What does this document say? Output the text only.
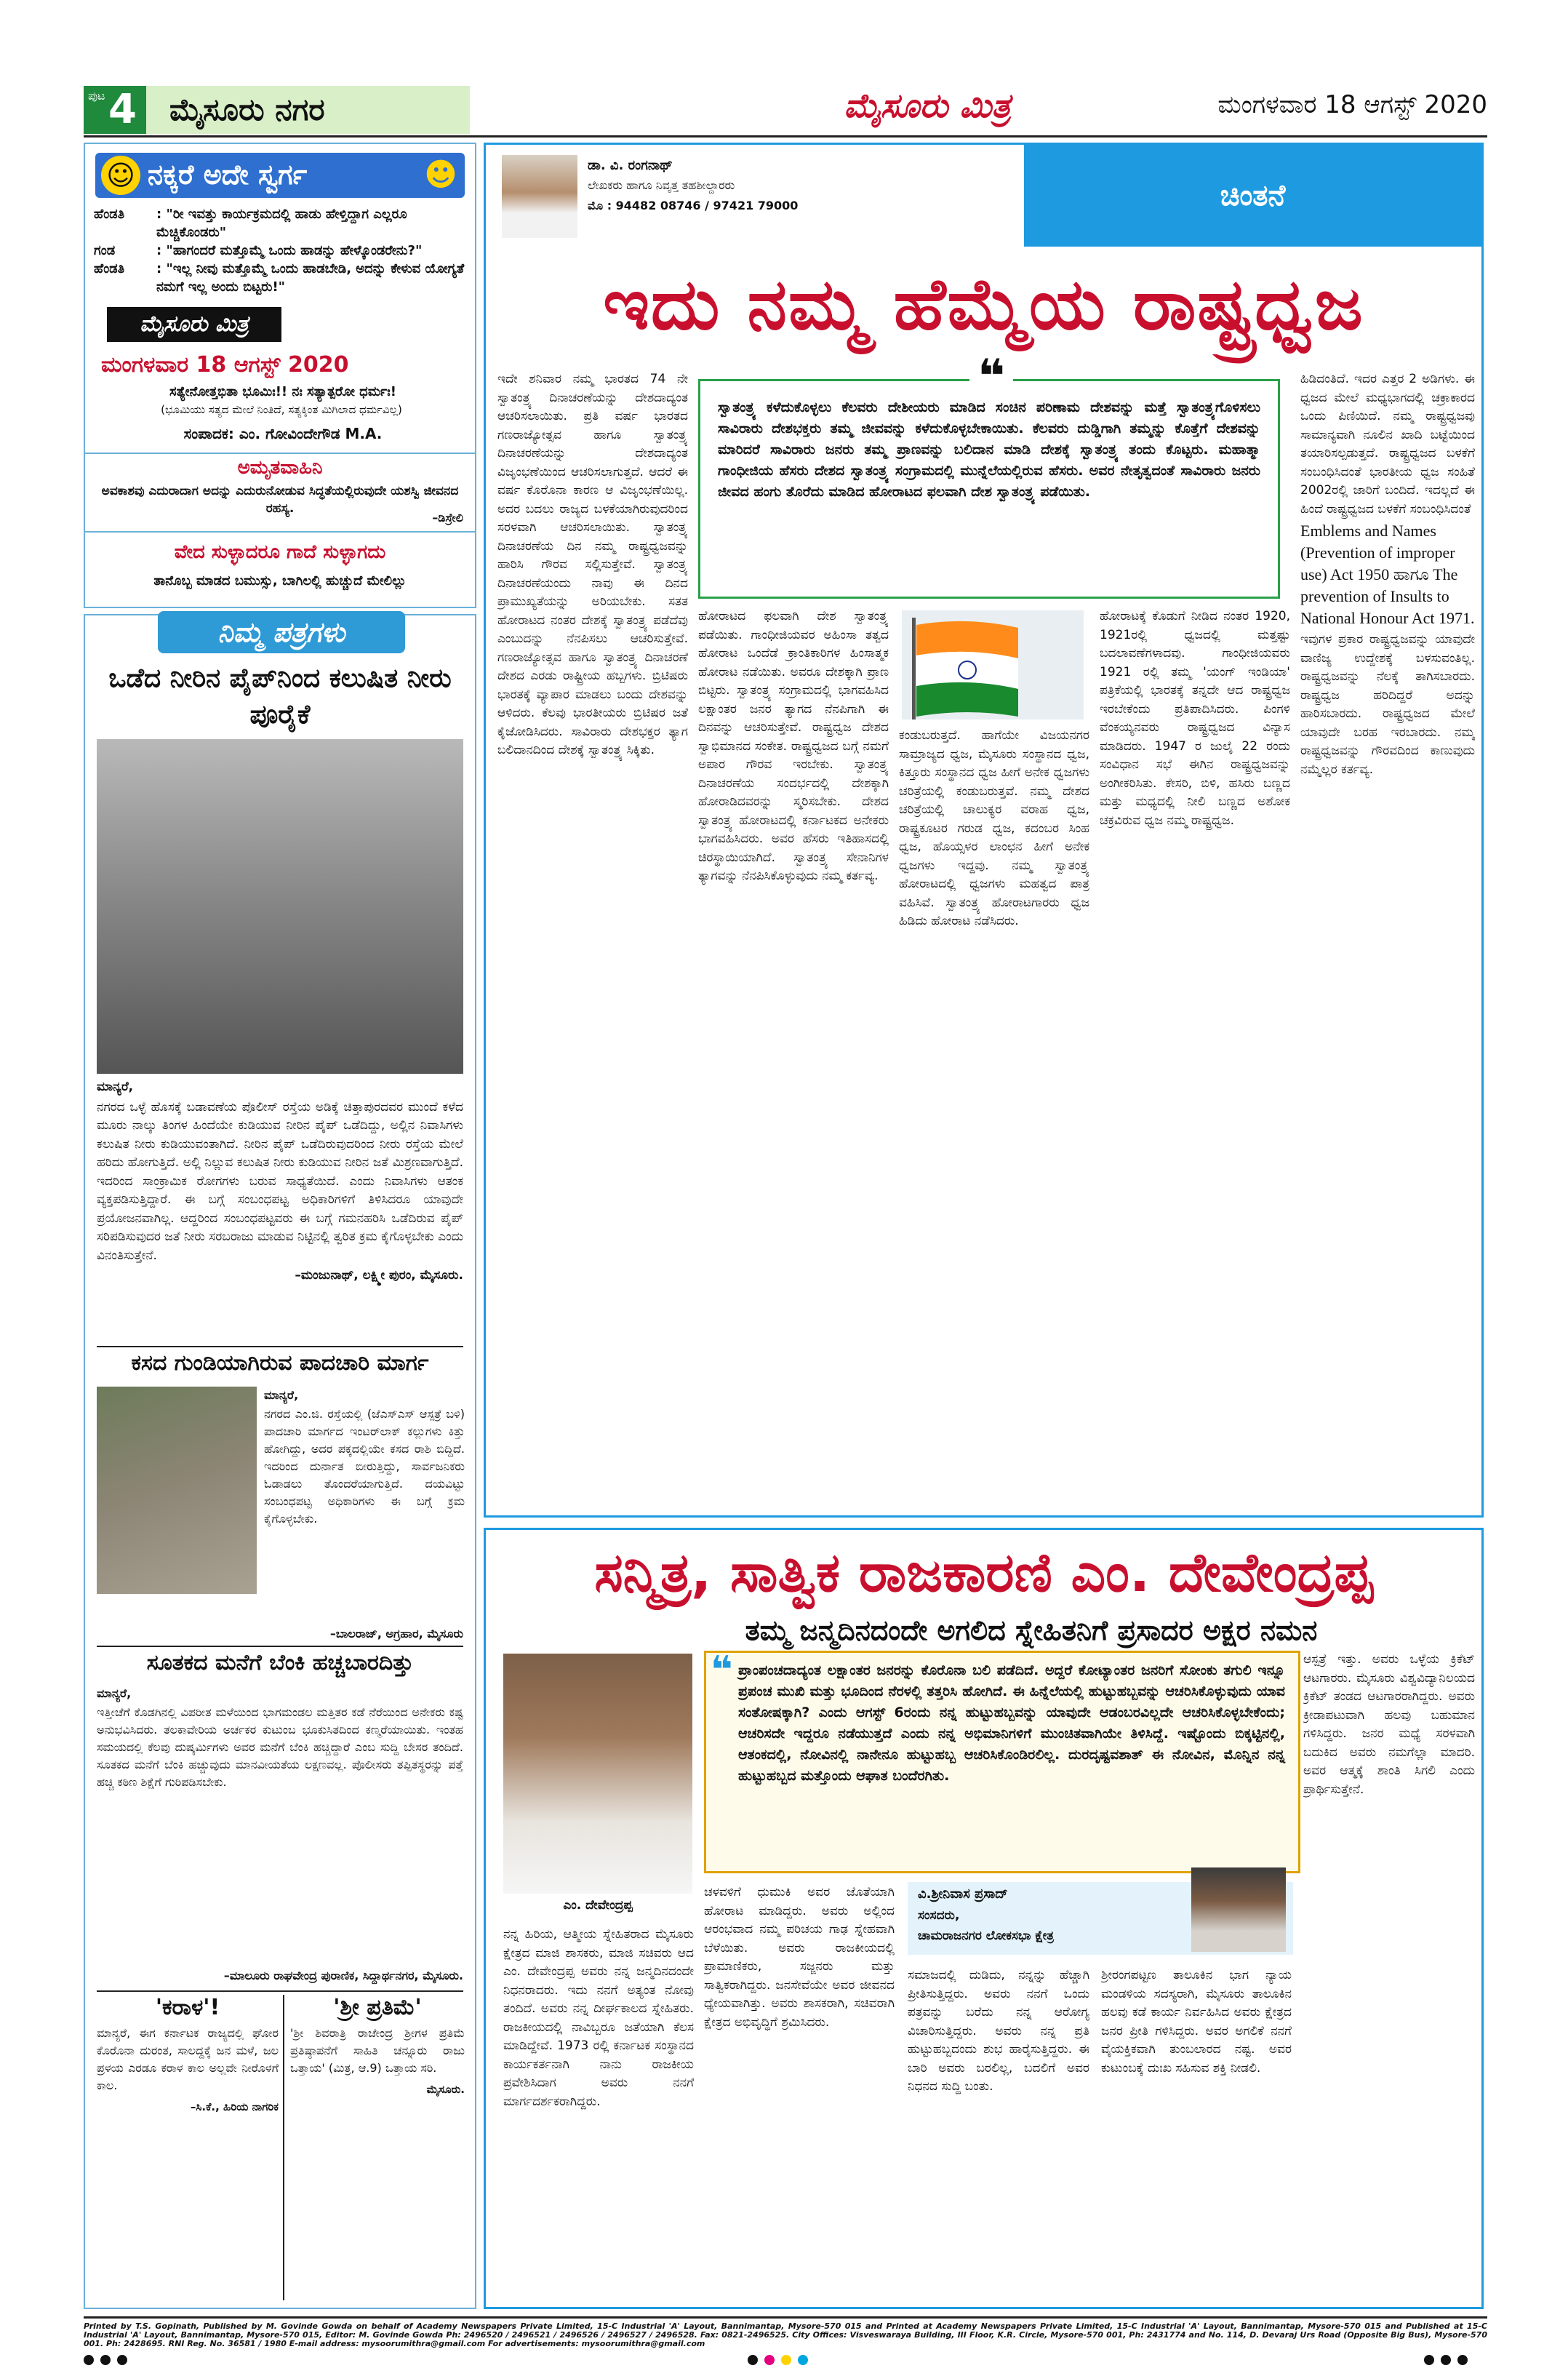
ಪುಟ 4 ಮೈಸೂರು ನಗರ	ಮೈಸೂರು ಮಿತ್ರ	ಮಂಗಳವಾರ 18 ಆಗಸ್ಟ್ 2020
☺ ನಕ್ಕರೆ ಅದೇ ಸ್ವರ್ಗ	☻
ಹೆಂಡತಿ	: "ರೀ ಇವತ್ತು ಕಾರ್ಯಕ್ರಮದಲ್ಲಿ ಹಾಡು ಹೇಳ್ತಿದ್ದಾಗ ಎಲ್ಲರೂ ಮೆಚ್ಚಿಕೊಂಡರು"
ಗಂಡ	: "ಹಾಗಂದರೆ ಮತ್ತೊಮ್ಮೆ ಒಂದು ಹಾಡನ್ನು ಹೇಳ್ಕೊಂಡರೇನು?"
ಹೆಂಡತಿ	: "ಇಲ್ಲ ನೀವು ಮತ್ತೊಮ್ಮೆ ಒಂದು ಹಾಡಬೇಡಿ, ಅದನ್ನು ಕೇಳುವ ಯೋಗ್ಯತೆ ನಮಗೆ ಇಲ್ಲ ಅಂದು ಬಿಟ್ಟರು!"
ಮೈಸೂರು ಮಿತ್ರ
ಮಂಗಳವಾರ 18 ಆಗಸ್ಟ್ 2020
ಸತ್ಯೇನೋತ್ತಭಿತಾ ಭೂಮಿಃ!! ನಃ ಸತ್ಯಾತ್ಪರೋ ಧರ್ಮಃ!
(ಭೂಮಿಯು ಸತ್ಯದ ಮೇಲೆ ನಿಂತಿದೆ, ಸತ್ಯಕ್ಕಿಂತ ಮಿಗಿಲಾದ ಧರ್ಮವಿಲ್ಲ)
ಸಂಪಾದಕ: ಎಂ. ಗೋವಿಂದೇಗೌಡ M.A.
ಅಮೃತವಾಹಿನಿ
ಅವಕಾಶವು ಎದುರಾದಾಗ ಅದನ್ನು ಎದುರುನೋಡುವ ಸಿದ್ಧತೆಯಲ್ಲಿರುವುದೇ ಯಶಸ್ವಿ ಜೀವನದ ರಹಸ್ಯ.
–ಡಿಸ್ರೇಲಿ
ವೇದ ಸುಳ್ಳಾದರೂ ಗಾದೆ ಸುಳ್ಳಾಗದು
ತಾನೊಬ್ಬ ಮಾಡದ ಬಮುಸ್ಸು, ಬಾಗಿಲಲ್ಲಿ ಹುಚ್ಚುದೆ ಮೇಲಿಲ್ಲು
ನಿಮ್ಮ ಪತ್ರಗಳು
ಒಡೆದ ನೀರಿನ ಪೈಪ್‌ನಿಂದ ಕಲುಷಿತ ನೀರು ಪೂರೈಕೆ

ಮಾನ್ಯರೆ,

ನಗರದ ಒಳ್ಳೆ ಹೊಸಕ್ಕೆ ಬಡಾವಣೆಯ ಪೊಲೀಸ್ ರಸ್ತೆಯ ಅಡಿಕ್ಕೆ ಚಿತ್ತಾಪುರದವರ ಮುಂದೆ ಕಳೆದ ಮೂರು ನಾಲ್ಕು ತಿಂಗಳ ಹಿಂದೆಯೇ ಕುಡಿಯುವ ನೀರಿನ ಪೈಪ್ ಒಡೆದಿದ್ದು, ಅಲ್ಲಿನ ನಿವಾಸಿಗಳು ಕಲುಷಿತ ನೀರು ಕುಡಿಯುವಂತಾಗಿದೆ. ನೀರಿನ ಪೈಪ್ ಒಡೆದಿರುವುದರಿಂದ ನೀರು ರಸ್ತೆಯ ಮೇಲೆ ಹರಿದು ಹೋಗುತ್ತಿದೆ. ಅಲ್ಲಿ ನಿಲ್ಲುವ ಕಲುಷಿತ ನೀರು ಕುಡಿಯುವ ನೀರಿನ ಜತೆ ಮಿಶ್ರಣವಾಗುತ್ತಿದೆ. ಇದರಿಂದ ಸಾಂಕ್ರಾಮಿಕ ರೋಗಗಳು ಬರುವ ಸಾಧ್ಯತೆಯಿದೆ. ಎಂದು ನಿವಾಸಿಗಳು ಆತಂಕ ವ್ಯಕ್ತಪಡಿಸುತ್ತಿದ್ದಾರೆ. ಈ ಬಗ್ಗೆ ಸಂಬಂಧಪಟ್ಟ ಅಧಿಕಾರಿಗಳಿಗೆ ತಿಳಿಸಿದರೂ ಯಾವುದೇ ಪ್ರಯೋಜನವಾಗಿಲ್ಲ. ಆದ್ದರಿಂದ ಸಂಬಂಧಪಟ್ಟವರು ಈ ಬಗ್ಗೆ ಗಮನಹರಿಸಿ ಒಡೆದಿರುವ ಪೈಪ್ ಸರಿಪಡಿಸುವುದರ ಜತೆ ನೀರು ಸರಬರಾಜು ಮಾಡುವ ನಿಟ್ಟಿನಲ್ಲಿ ತ್ವರಿತ ಕ್ರಮ ಕೈಗೊಳ್ಳಬೇಕು ಎಂದು ವಿನಂತಿಸುತ್ತೇನೆ.

–ಮಂಜುನಾಥ್, ಲಕ್ಷ್ಮೀ ಪುರಂ, ಮೈಸೂರು.

ಕಸದ ಗುಂಡಿಯಾಗಿರುವ ಪಾದಚಾರಿ ಮಾರ್ಗ

ಮಾನ್ಯರೆ,

ನಗರದ ಎಂ.ಜಿ. ರಸ್ತೆಯಲ್ಲಿ (ಜೆಎಸ್‌ಎಸ್ ಆಸ್ಪತ್ರೆ ಬಳಿ) ಪಾದಚಾರಿ ಮಾರ್ಗದ ಇಂಟರ್‌ಲಾಕ್ ಕಲ್ಲುಗಳು ಕಿತ್ತು ಹೋಗಿದ್ದು, ಅದರ ಪಕ್ಕದಲ್ಲಿಯೇ ಕಸದ ರಾಶಿ ಬಿದ್ದಿದೆ. ಇದರಿಂದ ದುರ್ನಾತ ಬೀರುತ್ತಿದ್ದು, ಸಾರ್ವಜನಿಕರು ಓಡಾಡಲು ತೊಂದರೆಯಾಗುತ್ತಿದೆ. ದಯವಿಟ್ಟು ಸಂಬಂಧಪಟ್ಟ ಅಧಿಕಾರಿಗಳು ಈ ಬಗ್ಗೆ ಕ್ರಮ ಕೈಗೊಳ್ಳಬೇಕು.

–ಬಾಲರಾಜ್, ಅಗ್ರಹಾರ, ಮೈಸೂರು
ಸೂತಕದ ಮನೆಗೆ ಬೆಂಕಿ ಹಚ್ಚಬಾರದಿತ್ತು

ಮಾನ್ಯರೆ,

ಇತ್ತೀಚೆಗೆ ಕೊಡಗಿನಲ್ಲಿ ವಿಪರೀತ ಮಳೆಯಿಂದ ಭಾಗಮಂಡಲ ಮತ್ತಿತರ ಕಡೆ ನೆರೆಯಿಂದ ಅನೇಕರು ಕಷ್ಟ ಅನುಭವಿಸಿದರು. ತಲಕಾವೇರಿಯ ಅರ್ಚಕರ ಕುಟುಂಬ ಭೂಕುಸಿತದಿಂದ ಕಣ್ಮರೆಯಾಯಿತು. ಇಂತಹ ಸಮಯದಲ್ಲಿ ಕೆಲವು ದುಷ್ಕರ್ಮಿಗಳು ಅವರ ಮನೆಗೆ ಬೆಂಕಿ ಹಚ್ಚಿದ್ದಾರೆ ಎಂಬ ಸುದ್ದಿ ಬೇಸರ ತಂದಿದೆ. ಸೂತಕದ ಮನೆಗೆ ಬೆಂಕಿ ಹಚ್ಚುವುದು ಮಾನವೀಯತೆಯ ಲಕ್ಷಣವಲ್ಲ. ಪೊಲೀಸರು ತಪ್ಪಿತಸ್ಥರನ್ನು ಪತ್ತೆ ಹಚ್ಚಿ ಕಠಿಣ ಶಿಕ್ಷೆಗೆ ಗುರಿಪಡಿಸಬೇಕು.

–ಮಾಲೂರು ರಾಘವೇಂದ್ರ ಪುರಾಣಿಕ, ಸಿದ್ದಾರ್ಥನಗರ, ಮೈಸೂರು.
'ಕರಾಳ'!
ಮಾನ್ಯರೆ, ಈಗ ಕರ್ನಾಟಕ ರಾಜ್ಯದಲ್ಲಿ ಘೋರ ಕೊರೊನಾ ದುರಂತ, ಸಾಲದ್ದಕ್ಕೆ ಜನ ಮಳೆ, ಜಲ ಪ್ರಳಯ ಎರಡೂ ಕರಾಳ ಕಾಲ ಅಲ್ಲವೇ ನೀರೊಳಗೆ ಕಾಲ.
–ಸಿ.ಕೆ., ಹಿರಿಯ ನಾಗರಿಕ
'ಶ್ರೀ ಪ್ರತಿಮೆ'
'ಶ್ರೀ ಶಿವರಾತ್ರಿ ರಾಜೇಂದ್ರ ಶ್ರೀಗಳ ಪ್ರತಿಮೆ ಪ್ರತಿಷ್ಠಾಪನೆಗೆ ಸಾಹಿತಿ ಚನ್ನೂರು ರಾಜು ಒತ್ತಾಯ' (ಮಿತ್ರ, ಆ.9) ಒತ್ತಾಯ ಸರಿ.
ಮೈಸೂರು.
ಡಾ. ವಿ. ರಂಗನಾಥ್
ಲೇಖಕರು ಹಾಗೂ ನಿವೃತ್ತ ತಹಶೀಲ್ದಾರರು
ಮೊ : 94482 08746 / 97421 79000	ಚಿಂತನೆ
ಇದು ನಮ್ಮ ಹೆಮ್ಮೆಯ ರಾಷ್ಟ್ರಧ್ವಜ
❝
ಸ್ವಾತಂತ್ರ್ಯ ಕಳೆದುಕೊಳ್ಳಲು ಕೆಲವರು ದೇಶೀಯರು ಮಾಡಿದ ಸಂಚಿನ ಪರಿಣಾಮ ದೇಶವನ್ನು ಮತ್ತೆ ಸ್ವಾತಂತ್ರ್ಯಗೊಳಿಸಲು ಸಾವಿರಾರು ದೇಶಭಕ್ತರು ತಮ್ಮ ಜೀವವನ್ನು ಕಳೆದುಕೊಳ್ಳಬೇಕಾಯಿತು. ಕೆಲವರು ದುಡ್ಡಿಗಾಗಿ ತಮ್ಮನ್ನು ಕೊತ್ತೆಗೆ ದೇಶವನ್ನು ಮಾರಿದರೆ ಸಾವಿರಾರು ಜನರು ತಮ್ಮ ಪ್ರಾಣವನ್ನು ಬಲಿದಾನ ಮಾಡಿ ದೇಶಕ್ಕೆ ಸ್ವಾತಂತ್ರ್ಯ ತಂದು ಕೊಟ್ಟರು. ಮಹಾತ್ಮಾ ಗಾಂಧೀಜಿಯ ಹೆಸರು ದೇಶದ ಸ್ವಾತಂತ್ರ್ಯ ಸಂಗ್ರಾಮದಲ್ಲಿ ಮುನ್ನೆಲೆಯಲ್ಲಿರುವ ಹೆಸರು. ಅವರ ನೇತೃತ್ವದಂತೆ ಸಾವಿರಾರು ಜನರು ಜೀವದ ಹಂಗು ತೊರೆದು ಮಾಡಿದ ಹೋರಾಟದ ಫಲವಾಗಿ ದೇಶ ಸ್ವಾತಂತ್ರ್ಯ ಪಡೆಯಿತು.

ಇದೇ ಶನಿವಾರ ನಮ್ಮ ಭಾರತದ 74 ನೇ ಸ್ವಾತಂತ್ರ್ಯ ದಿನಾಚರಣೆಯನ್ನು ದೇಶದಾದ್ಯಂತ ಆಚರಿಸಲಾಯಿತು. ಪ್ರತಿ ವರ್ಷ ಭಾರತದ ಗಣರಾಜ್ಯೋತ್ಸವ ಹಾಗೂ ಸ್ವಾತಂತ್ರ್ಯ ದಿನಾಚರಣೆಯನ್ನು ದೇಶದಾದ್ಯಂತ ವಿಜೃಂಭಣೆಯಿಂದ ಆಚರಿಸಲಾಗುತ್ತದೆ. ಆದರೆ ಈ ವರ್ಷ ಕೊರೊನಾ ಕಾರಣ ಆ ವಿಜೃಂಭಣೆಯಿಲ್ಲ. ಅದರ ಬದಲು ರಾಜ್ಯದ ಬಳಕೆಯಾಗಿರುವುದರಿಂದ ಸರಳವಾಗಿ ಆಚರಿಸಲಾಯಿತು. ಸ್ವಾತಂತ್ರ್ಯ ದಿನಾಚರಣೆಯ ದಿನ ನಮ್ಮ ರಾಷ್ಟ್ರಧ್ವಜವನ್ನು ಹಾರಿಸಿ ಗೌರವ ಸಲ್ಲಿಸುತ್ತೇವೆ. ಸ್ವಾತಂತ್ರ್ಯ ದಿನಾಚರಣೆಯಂದು ನಾವು ಈ ದಿನದ ಪ್ರಾಮುಖ್ಯತೆಯನ್ನು ಅರಿಯಬೇಕು. ಸತತ ಹೋರಾಟದ ನಂತರ ದೇಶಕ್ಕೆ ಸ್ವಾತಂತ್ರ್ಯ ಪಡೆದೆವು ಎಂಬುದನ್ನು ನೆನಪಿಸಲು ಆಚರಿಸುತ್ತೇವೆ. ಗಣರಾಜ್ಯೋತ್ಸವ ಹಾಗೂ ಸ್ವಾತಂತ್ರ್ಯ ದಿನಾಚರಣೆ ದೇಶದ ಎರಡು ರಾಷ್ಟ್ರೀಯ ಹಬ್ಬಗಳು. ಬ್ರಿಟಿಷರು ಭಾರತಕ್ಕೆ ವ್ಯಾಪಾರ ಮಾಡಲು ಬಂದು ದೇಶವನ್ನು ಆಳಿದರು. ಕೆಲವು ಭಾರತೀಯರು ಬ್ರಿಟಿಷರ ಜತೆ ಕೈಜೋಡಿಸಿದರು. ಸಾವಿರಾರು ದೇಶಭಕ್ತರ ತ್ಯಾಗ ಬಲಿದಾನದಿಂದ ದೇಶಕ್ಕೆ ಸ್ವಾತಂತ್ರ್ಯ ಸಿಕ್ಕಿತು.

ಹೋರಾಟದ ಫಲವಾಗಿ ದೇಶ ಸ್ವಾತಂತ್ರ್ಯ ಪಡೆಯಿತು. ಗಾಂಧೀಜಿಯವರ ಅಹಿಂಸಾ ತತ್ವದ ಹೋರಾಟ ಒಂದೆಡೆ ಕ್ರಾಂತಿಕಾರಿಗಳ ಹಿಂಸಾತ್ಮಕ ಹೋರಾಟ ನಡೆಯಿತು. ಅವರೂ ದೇಶಕ್ಕಾಗಿ ಪ್ರಾಣ ಬಿಟ್ಟರು. ಸ್ವಾತಂತ್ರ್ಯ ಸಂಗ್ರಾಮದಲ್ಲಿ ಭಾಗವಹಿಸಿದ ಲಕ್ಷಾಂತರ ಜನರ ತ್ಯಾಗದ ನೆನಪಿಗಾಗಿ ಈ ದಿನವನ್ನು ಆಚರಿಸುತ್ತೇವೆ. ರಾಷ್ಟ್ರಧ್ವಜ ದೇಶದ ಸ್ವಾಭಿಮಾನದ ಸಂಕೇತ. ರಾಷ್ಟ್ರಧ್ವಜದ ಬಗ್ಗೆ ನಮಗೆ ಅಪಾರ ಗೌರವ ಇರಬೇಕು. ಸ್ವಾತಂತ್ರ್ಯ ದಿನಾಚರಣೆಯ ಸಂದರ್ಭದಲ್ಲಿ ದೇಶಕ್ಕಾಗಿ ಹೋರಾಡಿದವರನ್ನು ಸ್ಮರಿಸಬೇಕು. ದೇಶದ ಸ್ವಾತಂತ್ರ್ಯ ಹೋರಾಟದಲ್ಲಿ ಕರ್ನಾಟಕದ ಅನೇಕರು ಭಾಗವಹಿಸಿದರು. ಅವರ ಹೆಸರು ಇತಿಹಾಸದಲ್ಲಿ ಚಿರಸ್ಥಾಯಿಯಾಗಿದೆ. ಸ್ವಾತಂತ್ರ್ಯ ಸೇನಾನಿಗಳ ತ್ಯಾಗವನ್ನು ನೆನಪಿಸಿಕೊಳ್ಳುವುದು ನಮ್ಮ ಕರ್ತವ್ಯ.

ಕಂಡುಬರುತ್ತದೆ. ಹಾಗೆಯೇ ವಿಜಯನಗರ ಸಾಮ್ರಾಜ್ಯದ ಧ್ವಜ, ಮೈಸೂರು ಸಂಸ್ಥಾನದ ಧ್ವಜ, ಕಿತ್ತೂರು ಸಂಸ್ಥಾನದ ಧ್ವಜ ಹೀಗೆ ಅನೇಕ ಧ್ವಜಗಳು ಚರಿತ್ರೆಯಲ್ಲಿ ಕಂಡುಬರುತ್ತವೆ. ನಮ್ಮ ದೇಶದ ಚರಿತ್ರೆಯಲ್ಲಿ ಚಾಲುಕ್ಯರ ವರಾಹ ಧ್ವಜ, ರಾಷ್ಟ್ರಕೂಟರ ಗರುಡ ಧ್ವಜ, ಕದಂಬರ ಸಿಂಹ ಧ್ವಜ, ಹೊಯ್ಸಳರ ಲಾಂಛನ ಹೀಗೆ ಅನೇಕ ಧ್ವಜಗಳು ಇದ್ದವು. ನಮ್ಮ ಸ್ವಾತಂತ್ರ್ಯ ಹೋರಾಟದಲ್ಲಿ ಧ್ವಜಗಳು ಮಹತ್ವದ ಪಾತ್ರ ವಹಿಸಿವೆ. ಸ್ವಾತಂತ್ರ್ಯ ಹೋರಾಟಗಾರರು ಧ್ವಜ ಹಿಡಿದು ಹೋರಾಟ ನಡೆಸಿದರು.

ಹೋರಾಟಕ್ಕೆ ಕೊಡುಗೆ ನೀಡಿದ ನಂತರ 1920, 1921ರಲ್ಲಿ ಧ್ವಜದಲ್ಲಿ ಮತ್ತಷ್ಟು ಬದಲಾವಣೆಗಳಾದವು. ಗಾಂಧೀಜಿಯವರು 1921 ರಲ್ಲಿ ತಮ್ಮ 'ಯಂಗ್ ಇಂಡಿಯಾ' ಪತ್ರಿಕೆಯಲ್ಲಿ ಭಾರತಕ್ಕೆ ತನ್ನದೇ ಆದ ರಾಷ್ಟ್ರಧ್ವಜ ಇರಬೇಕೆಂದು ಪ್ರತಿಪಾದಿಸಿದರು. ಪಿಂಗಳಿ ವೆಂಕಯ್ಯನವರು ರಾಷ್ಟ್ರಧ್ವಜದ ವಿನ್ಯಾಸ ಮಾಡಿದರು. 1947 ರ ಜುಲೈ 22 ರಂದು ಸಂವಿಧಾನ ಸಭೆ ಈಗಿನ ರಾಷ್ಟ್ರಧ್ವಜವನ್ನು ಅಂಗೀಕರಿಸಿತು. ಕೇಸರಿ, ಬಿಳಿ, ಹಸಿರು ಬಣ್ಣದ ಮತ್ತು ಮಧ್ಯದಲ್ಲಿ ನೀಲಿ ಬಣ್ಣದ ಅಶೋಕ ಚಕ್ರವಿರುವ ಧ್ವಜ ನಮ್ಮ ರಾಷ್ಟ್ರಧ್ವಜ.

ಹಿಡಿದಂತಿದೆ. ಇದರ ಎತ್ತರ 2 ಅಡಿಗಳು. ಈ ಧ್ವಜದ ಮೇಲೆ ಮಧ್ಯಭಾಗದಲ್ಲಿ ಚಕ್ರಾಕಾರದ ಒಂದು ಪಿಣಿಯಿದೆ. ನಮ್ಮ ರಾಷ್ಟ್ರಧ್ವಜವು ಸಾಮಾನ್ಯವಾಗಿ ನೂಲಿನ ಖಾದಿ ಬಟ್ಟೆಯಿಂದ ತಯಾರಿಸಲ್ಪಡುತ್ತದೆ. ರಾಷ್ಟ್ರಧ್ವಜದ ಬಳಕೆಗೆ ಸಂಬಂಧಿಸಿದಂತೆ ಭಾರತೀಯ ಧ್ವಜ ಸಂಹಿತೆ 2002ರಲ್ಲಿ ಜಾರಿಗೆ ಬಂದಿದೆ. ಇದಲ್ಲದೆ ಈ ಹಿಂದೆ ರಾಷ್ಟ್ರಧ್ವಜದ ಬಳಕೆಗೆ ಸಂಬಂಧಿಸಿದಂತೆ

Emblems and Names (Prevention of improper use) Act 1950 ಹಾಗೂ The prevention of Insults to National Honour Act 1971.

ಇವುಗಳ ಪ್ರಕಾರ ರಾಷ್ಟ್ರಧ್ವಜವನ್ನು ಯಾವುದೇ ವಾಣಿಜ್ಯ ಉದ್ದೇಶಕ್ಕೆ ಬಳಸುವಂತಿಲ್ಲ. ರಾಷ್ಟ್ರಧ್ವಜವನ್ನು ನೆಲಕ್ಕೆ ತಾಗಿಸಬಾರದು. ರಾಷ್ಟ್ರಧ್ವಜ ಹರಿದಿದ್ದರೆ ಅದನ್ನು ಹಾರಿಸಬಾರದು. ರಾಷ್ಟ್ರಧ್ವಜದ ಮೇಲೆ ಯಾವುದೇ ಬರಹ ಇರಬಾರದು. ನಮ್ಮ ರಾಷ್ಟ್ರಧ್ವಜವನ್ನು ಗೌರವದಿಂದ ಕಾಣುವುದು ನಮ್ಮೆಲ್ಲರ ಕರ್ತವ್ಯ.

ಸನ್ಮಿತ್ರ, ಸಾತ್ವಿಕ ರಾಜಕಾರಣಿ ಎಂ. ದೇವೇಂದ್ರಪ್ಪ
ತಮ್ಮ ಜನ್ಮದಿನದಂದೇ ಅಗಲಿದ ಸ್ನೇಹಿತನಿಗೆ ಪ್ರಸಾದರ ಅಕ್ಷರ ನಮನ
ಎಂ. ದೇವೇಂದ್ರಪ್ಪ
❝ ಪ್ರಾಂಪಂಚದಾದ್ಯಂತ ಲಕ್ಷಾಂತರ ಜನರನ್ನು ಕೊರೊನಾ ಬಲಿ ಪಡೆದಿದೆ. ಅದ್ದರೆ ಕೋಟ್ಯಾಂತರ ಜನರಿಗೆ ಸೋಂಕು ತಗುಲಿ ಇನ್ನೂ ಪ್ರಪಂಚ ಮುಖಿ ಮತ್ತು ಭೂದಿಂದ ನೆರಳಲ್ಲಿ ತತ್ತರಿಸಿ ಹೋಗಿದೆ. ಈ ಹಿನ್ನೆಲೆಯಲ್ಲಿ ಹುಟ್ಟುಹಬ್ಬವನ್ನು ಆಚರಿಸಿಕೊಳ್ಳುವುದು ಯಾವ ಸಂತೋಷಕ್ಕಾಗಿ? ಎಂದು ಆಗಸ್ಟ್ 6ರಂದು ನನ್ನ ಹುಟ್ಟುಹಬ್ಬವನ್ನು ಯಾವುದೇ ಆಡಂಬರವಿಲ್ಲದೇ ಆಚರಿಸಿಕೊಳ್ಳಬೇಕೆಂದು; ಆಚರಿಸದೇ ಇದ್ದರೂ ನಡೆಯುತ್ತದೆ ಎಂದು ನನ್ನ ಅಭಿಮಾನಿಗಳಿಗೆ ಮುಂಚಿತವಾಗಿಯೇ ತಿಳಿಸಿದ್ದೆ. ಇಷ್ಟೊಂದು ಬಿಕ್ಕಟ್ಟಿನಲ್ಲಿ, ಆತಂಕದಲ್ಲಿ, ನೋವಿನಲ್ಲಿ ನಾನೇನೂ ಹುಟ್ಟುಹಬ್ಬ ಆಚರಿಸಿಕೊಂಡಿರಲಿಲ್ಲ. ದುರದೃಷ್ಟವಶಾತ್ ಈ ನೋವಿನ, ಮೊನ್ನಿನ ನನ್ನ ಹುಟ್ಟುಹಬ್ಬದ ಮತ್ತೊಂದು ಆಘಾತ ಬಂದೆರಗಿತು.

ನನ್ನ ಹಿರಿಯ, ಆತ್ಮೀಯ ಸ್ನೇಹಿತರಾದ ಮೈಸೂರು ಕ್ಷೇತ್ರದ ಮಾಜಿ ಶಾಸಕರು, ಮಾಜಿ ಸಚಿವರು ಆದ ಎಂ. ದೇವೇಂದ್ರಪ್ಪ ಅವರು ನನ್ನ ಜನ್ಮದಿನದಂದೇ ನಿಧನರಾದರು. ಇದು ನನಗೆ ಅತ್ಯಂತ ನೋವು ತಂದಿದೆ. ಅವರು ನನ್ನ ದೀರ್ಘಕಾಲದ ಸ್ನೇಹಿತರು. ರಾಜಕೀಯದಲ್ಲಿ ನಾವಿಬ್ಬರೂ ಜತೆಯಾಗಿ ಕೆಲಸ ಮಾಡಿದ್ದೇವೆ. 1973 ರಲ್ಲಿ ಕರ್ನಾಟಕ ಸಂಸ್ಥಾನದ ಕಾರ್ಯಕರ್ತನಾಗಿ ನಾನು ರಾಜಕೀಯ ಪ್ರವೇಶಿಸಿದಾಗ ಅವರು ನನಗೆ ಮಾರ್ಗದರ್ಶಕರಾಗಿದ್ದರು.

ಚಳವಳಿಗೆ ಧುಮುಕಿ ಅವರ ಜೊತೆಯಾಗಿ ಹೋರಾಟ ಮಾಡಿದ್ದರು. ಅವರು ಅಲ್ಲಿಂದ ಆರಂಭವಾದ ನಮ್ಮ ಪರಿಚಯ ಗಾಢ ಸ್ನೇಹವಾಗಿ ಬೆಳೆಯಿತು. ಅವರು ರಾಜಕೀಯದಲ್ಲಿ ಪ್ರಾಮಾಣಿಕರು, ಸಜ್ಜನರು ಮತ್ತು ಸಾತ್ವಿಕರಾಗಿದ್ದರು. ಜನಸೇವೆಯೇ ಅವರ ಜೀವನದ ಧ್ಯೇಯವಾಗಿತ್ತು. ಅವರು ಶಾಸಕರಾಗಿ, ಸಚಿವರಾಗಿ ಕ್ಷೇತ್ರದ ಅಭಿವೃದ್ಧಿಗೆ ಶ್ರಮಿಸಿದರು.

ವಿ.ಶ್ರೀನಿವಾಸ ಪ್ರಸಾದ್
ಸಂಸದರು,
ಚಾಮರಾಜನಗರ ಲೋಕಸಭಾ ಕ್ಷೇತ್ರ

ಸಮಾಜದಲ್ಲಿ ದುಡಿದು, ನನ್ನನ್ನು ಹೆಚ್ಚಾಗಿ ಪ್ರೀತಿಸುತ್ತಿದ್ದರು. ಅವರು ನನಗೆ ಒಂದು ಪತ್ರವನ್ನು ಬರೆದು ನನ್ನ ಆರೋಗ್ಯ ವಿಚಾರಿಸುತ್ತಿದ್ದರು. ಅವರು ನನ್ನ ಪ್ರತಿ ಹುಟ್ಟುಹಬ್ಬದಂದು ಶುಭ ಹಾರೈಸುತ್ತಿದ್ದರು. ಈ ಬಾರಿ ಅವರು ಬರಲಿಲ್ಲ, ಬದಲಿಗೆ ಅವರ ನಿಧನದ ಸುದ್ದಿ ಬಂತು.

ಶ್ರೀರಂಗಪಟ್ಟಣ ತಾಲೂಕಿನ ಭಾಗ ನ್ಯಾಯ ಮಂಡಳಿಯ ಸದಸ್ಯರಾಗಿ, ಮೈಸೂರು ತಾಲೂಕಿನ ಹಲವು ಕಡೆ ಕಾರ್ಯ ನಿರ್ವಹಿಸಿದ ಅವರು ಕ್ಷೇತ್ರದ ಜನರ ಪ್ರೀತಿ ಗಳಿಸಿದ್ದರು. ಅವರ ಅಗಲಿಕೆ ನನಗೆ ವೈಯಕ್ತಿಕವಾಗಿ ತುಂಬಲಾರದ ನಷ್ಟ. ಅವರ ಕುಟುಂಬಕ್ಕೆ ದುಃಖ ಸಹಿಸುವ ಶಕ್ತಿ ನೀಡಲಿ.

ಆಸ್ಪತ್ರೆ ಇತ್ತು. ಅವರು ಒಳ್ಳೆಯ ಕ್ರಿಕೆಟ್ ಆಟಗಾರರು. ಮೈಸೂರು ವಿಶ್ವವಿದ್ಯಾನಿಲಯದ ಕ್ರಿಕೆಟ್ ತಂಡದ ಆಟಗಾರರಾಗಿದ್ದರು. ಅವರು ಕ್ರೀಡಾಪಟುವಾಗಿ ಹಲವು ಬಹುಮಾನ ಗಳಿಸಿದ್ದರು. ಜನರ ಮಧ್ಯೆ ಸರಳವಾಗಿ ಬದುಕಿದ ಅವರು ನಮಗೆಲ್ಲಾ ಮಾದರಿ. ಅವರ ಆತ್ಮಕ್ಕೆ ಶಾಂತಿ ಸಿಗಲಿ ಎಂದು ಪ್ರಾರ್ಥಿಸುತ್ತೇನೆ.

Printed by T.S. Gopinath, Published by M. Govinde Gowda on behalf of Academy Newspapers Private Limited, 15-C Industrial 'A' Layout, Bannimantap, Mysore-570 015 and Printed at Academy Newspapers Private Limited, 15-C Industrial 'A' Layout, Bannimantap, Mysore-570 015 and Published at 15-C Industrial 'A' Layout, Bannimantap, Mysore-570 015, Editor: M. Govinde Gowda Ph: 2496520 / 2496521 / 2496526 / 2496527 / 2496528. Fax: 0821-2496525. City Offices: Visveswaraya Building, III Floor, K.R. Circle, Mysore-570 001, Ph: 2431774 and No. 114, D. Devaraj Urs Road (Opposite Big Bus), Mysore-570 001. Ph: 2428695. RNI Reg. No. 36581 / 1980 E-mail address: mysoorumithra@gmail.com For advertisements: mysoorumithra@gmail.com
